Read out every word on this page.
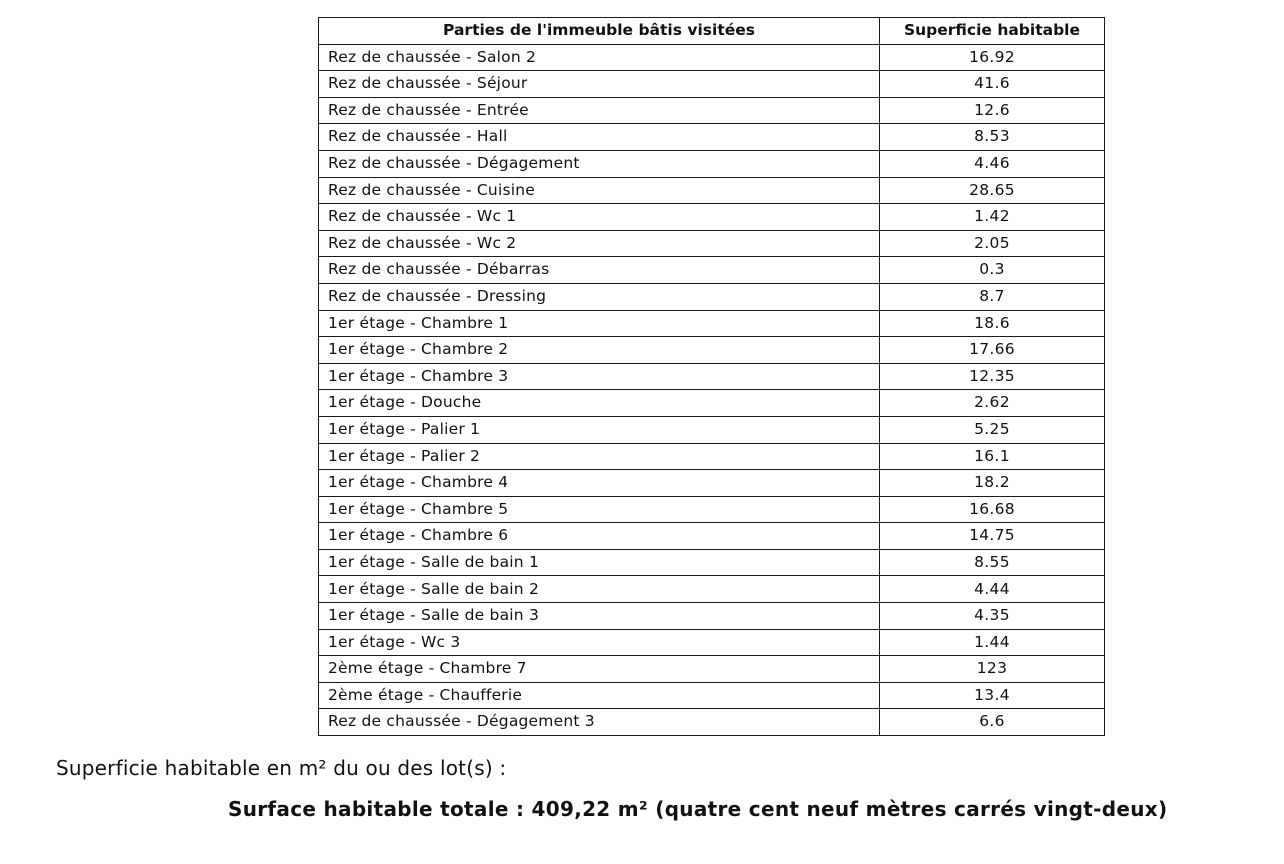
Parties de l'immeuble bâtis visitées	Superficie habitable
Rez de chaussée - Salon 2	16.92
Rez de chaussée - Séjour	41.6
Rez de chaussée - Entrée	12.6
Rez de chaussée - Hall	8.53
Rez de chaussée - Dégagement	4.46
Rez de chaussée - Cuisine	28.65
Rez de chaussée - Wc 1	1.42
Rez de chaussée - Wc 2	2.05
Rez de chaussée - Débarras	0.3
Rez de chaussée - Dressing	8.7
1er étage - Chambre 1	18.6
1er étage - Chambre 2	17.66
1er étage - Chambre 3	12.35
1er étage - Douche	2.62
1er étage - Palier 1	5.25
1er étage - Palier 2	16.1
1er étage - Chambre 4	18.2
1er étage - Chambre 5	16.68
1er étage - Chambre 6	14.75
1er étage - Salle de bain 1	8.55
1er étage - Salle de bain 2	4.44
1er étage - Salle de bain 3	4.35
1er étage - Wc 3	1.44
2ème étage - Chambre 7	123
2ème étage - Chaufferie	13.4
Rez de chaussée - Dégagement 3	6.6
Superficie habitable en m² du ou des lot(s) :
Surface habitable totale : 409,22 m² (quatre cent neuf mètres carrés vingt-deux)
